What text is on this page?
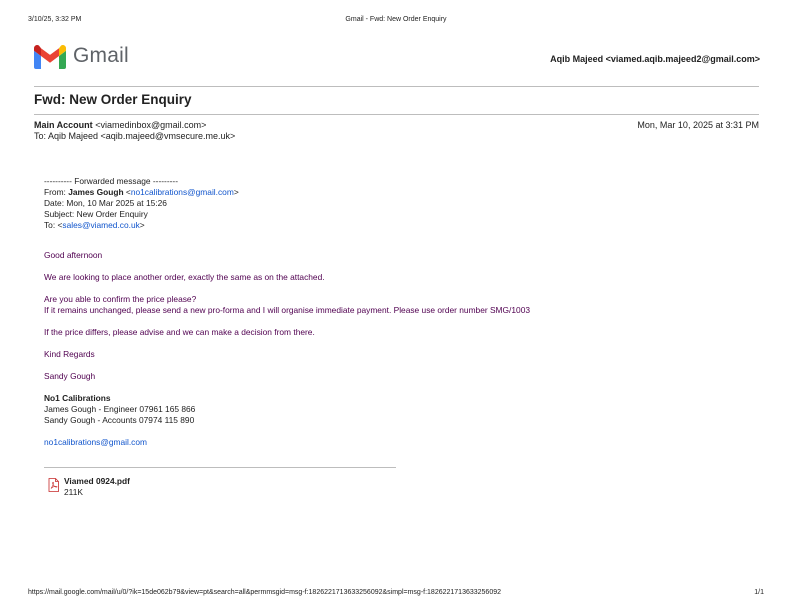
3/10/25, 3:32 PM	Gmail - Fwd: New Order Enquiry
Gmail	Aqib Majeed <viamed.aqib.majeed2@gmail.com>
Fwd: New Order Enquiry
Main Account <viamedinbox@gmail.com>
To: Aqib Majeed <aqib.majeed@vmsecure.me.uk>
Mon, Mar 10, 2025 at 3:31 PM

---------- Forwarded message ---------

From: James Gough <no1calibrations@gmail.com>

Date: Mon, 10 Mar 2025 at 15:26

Subject: New Order Enquiry

To: <sales@viamed.co.uk>

Good afternoon

We are looking to place another order, exactly the same as on the attached.

Are you able to confirm the price please?

If it remains unchanged, please send a new pro-forma and I will organise immediate payment. Please use order number SMG/1003

If the price differs, please advise and we can make a decision from there.

Kind Regards

Sandy Gough

No1 Calibrations

James Gough - Engineer 07961 165 866

Sandy Gough - Accounts 07974 115 890

no1calibrations@gmail.com

Viamed 0924.pdf
211K
https://mail.google.com/mail/u/0/?ik=15de062b79&view=pt&search=all&permmsgid=msg-f:1826221713633256092&simpl=msg-f:1826221713633256092	1/1
